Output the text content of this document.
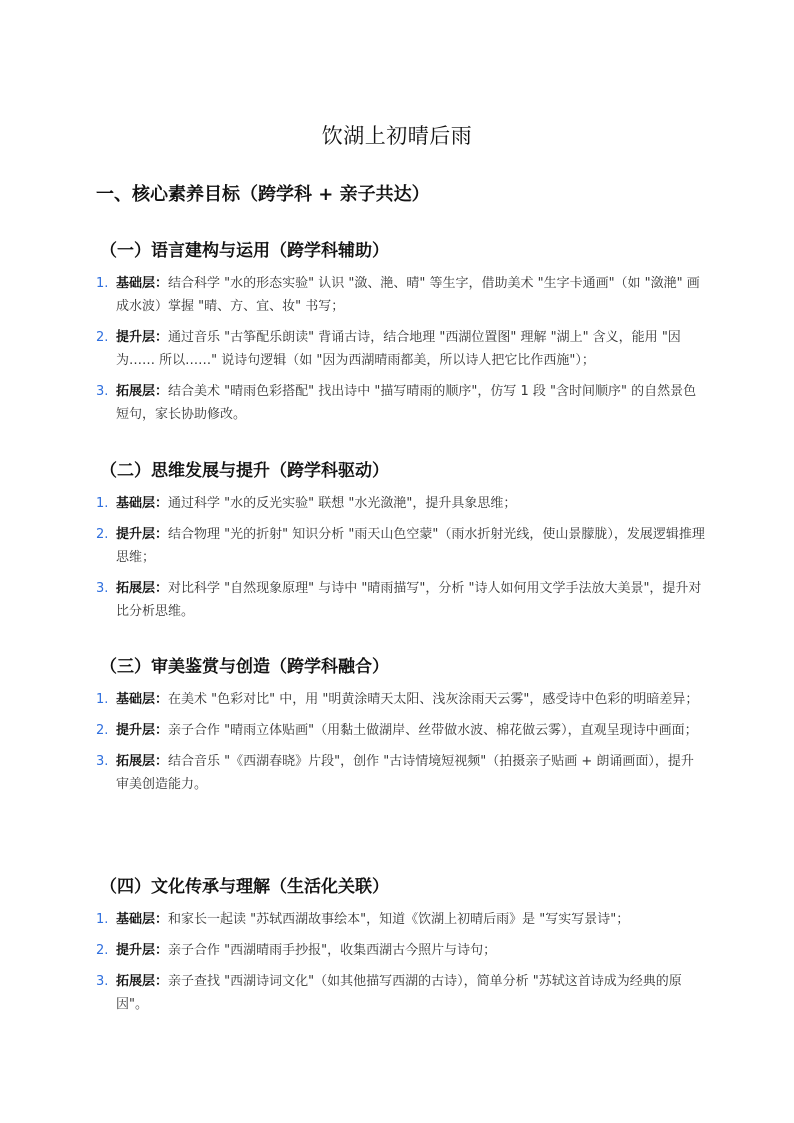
饮湖上初晴后雨
一、核心素养目标（跨学科 + 亲子共达）
（一）语言建构与运用（跨学科辅助）
1. 基础层：结合科学 "水的形态实验" 认识 "潋、滟、晴" 等生字，借助美术 "生字卡通画"（如 "潋滟" 画成水波）掌握 "晴、方、宜、妆" 书写；
2. 提升层：通过音乐 "古筝配乐朗读" 背诵古诗，结合地理 "西湖位置图" 理解 "湖上" 含义，能用 "因为…… 所以……" 说诗句逻辑（如 "因为西湖晴雨都美，所以诗人把它比作西施"）；
3. 拓展层：结合美术 "晴雨色彩搭配" 找出诗中 "描写晴雨的顺序"，仿写 1 段 "含时间顺序" 的自然景色短句，家长协助修改。
（二）思维发展与提升（跨学科驱动）
1. 基础层：通过科学 "水的反光实验" 联想 "水光潋滟"，提升具象思维；
2. 提升层：结合物理 "光的折射" 知识分析 "雨天山色空蒙"（雨水折射光线，使山景朦胧），发展逻辑推理思维；
3. 拓展层：对比科学 "自然现象原理" 与诗中 "晴雨描写"，分析 "诗人如何用文学手法放大美景"，提升对比分析思维。
（三）审美鉴赏与创造（跨学科融合）
1. 基础层：在美术 "色彩对比" 中，用 "明黄涂晴天太阳、浅灰涂雨天云雾"，感受诗中色彩的明暗差异；
2. 提升层：亲子合作 "晴雨立体贴画"（用黏土做湖岸、丝带做水波、棉花做云雾），直观呈现诗中画面；
3. 拓展层：结合音乐 "《西湖春晓》片段"，创作 "古诗情境短视频"（拍摄亲子贴画 + 朗诵画面），提升审美创造能力。
（四）文化传承与理解（生活化关联）
1. 基础层：和家长一起读 "苏轼西湖故事绘本"，知道《饮湖上初晴后雨》是 "写实写景诗"；
2. 提升层：亲子合作 "西湖晴雨手抄报"，收集西湖古今照片与诗句；
3. 拓展层：亲子查找 "西湖诗词文化"（如其他描写西湖的古诗），简单分析 "苏轼这首诗成为经典的原因"。
